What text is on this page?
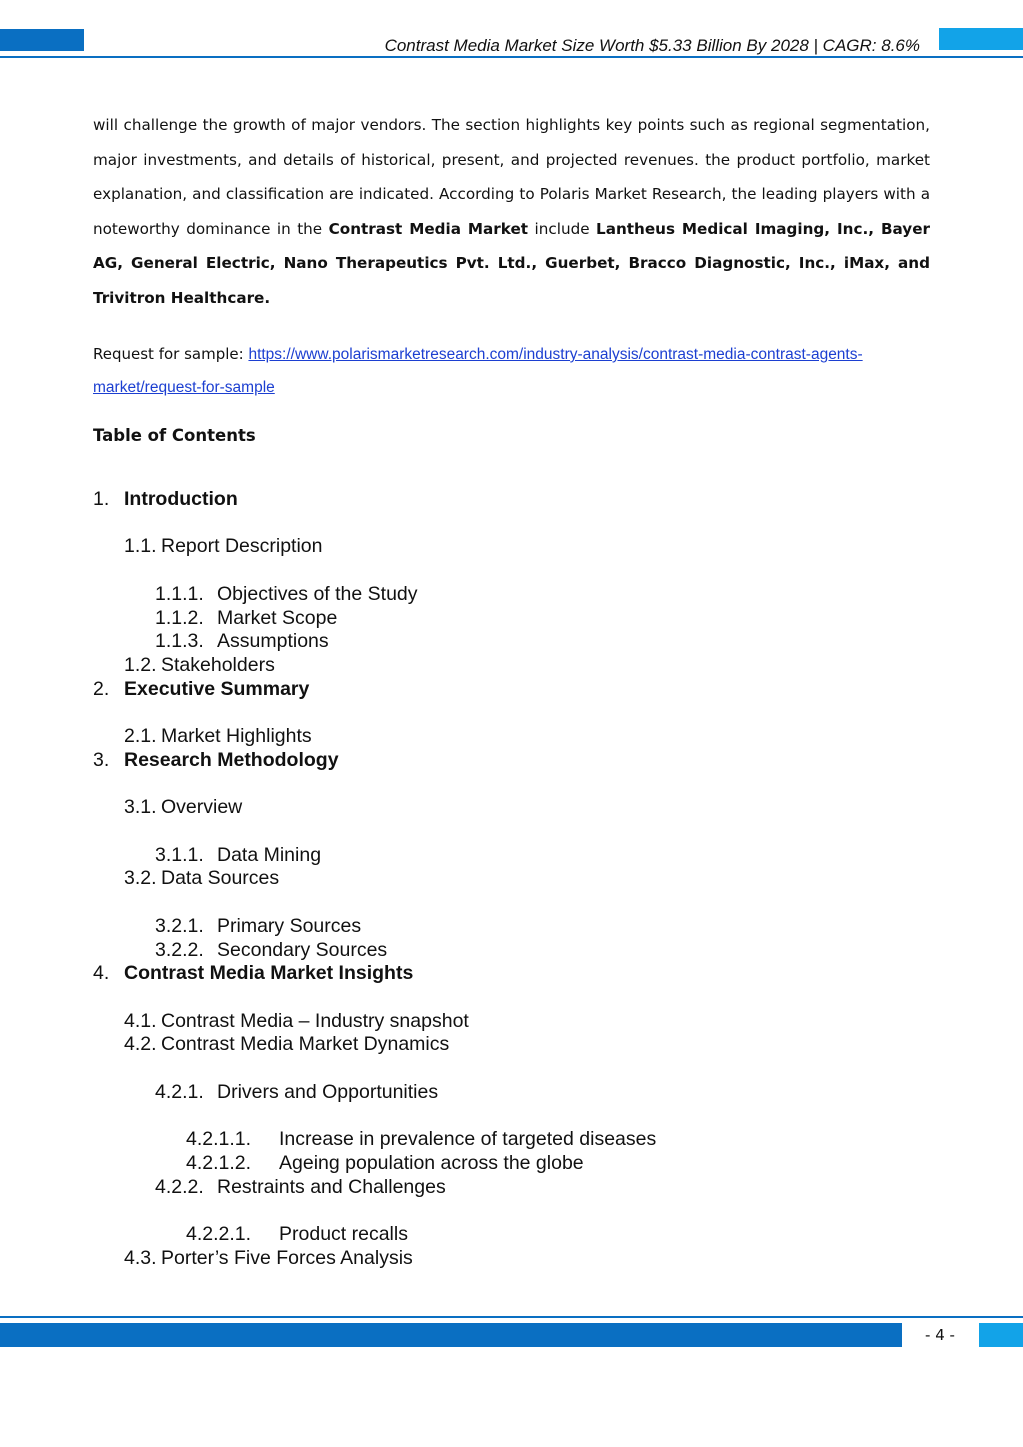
Contrast Media Market Size Worth $5.33 Billion By 2028 | CAGR: 8.6%
will challenge the growth of major vendors. The section highlights key points such as regional segmentation, major investments, and details of historical, present, and projected revenues. the product portfolio, market explanation, and classification are indicated. According to Polaris Market Research, the leading players with a noteworthy dominance in the Contrast Media Market include Lantheus Medical Imaging, Inc., Bayer AG, General Electric, Nano Therapeutics Pvt. Ltd., Guerbet, Bracco Diagnostic, Inc., iMax, and Trivitron Healthcare.
Request for sample: https://www.polarismarketresearch.com/industry-analysis/contrast-media-contrast-agents-market/request-for-sample
Table of Contents
1. Introduction
1.1. Report Description
1.1.1. Objectives of the Study
1.1.2. Market Scope
1.1.3. Assumptions
1.2. Stakeholders
2. Executive Summary
2.1. Market Highlights
3. Research Methodology
3.1. Overview
3.1.1. Data Mining
3.2. Data Sources
3.2.1. Primary Sources
3.2.2. Secondary Sources
4. Contrast Media Market Insights
4.1. Contrast Media – Industry snapshot
4.2. Contrast Media Market Dynamics
4.2.1. Drivers and Opportunities
4.2.1.1. Increase in prevalence of targeted diseases
4.2.1.2. Ageing population across the globe
4.2.2. Restraints and Challenges
4.2.2.1. Product recalls
4.3. Porter’s Five Forces Analysis
- 4 -
